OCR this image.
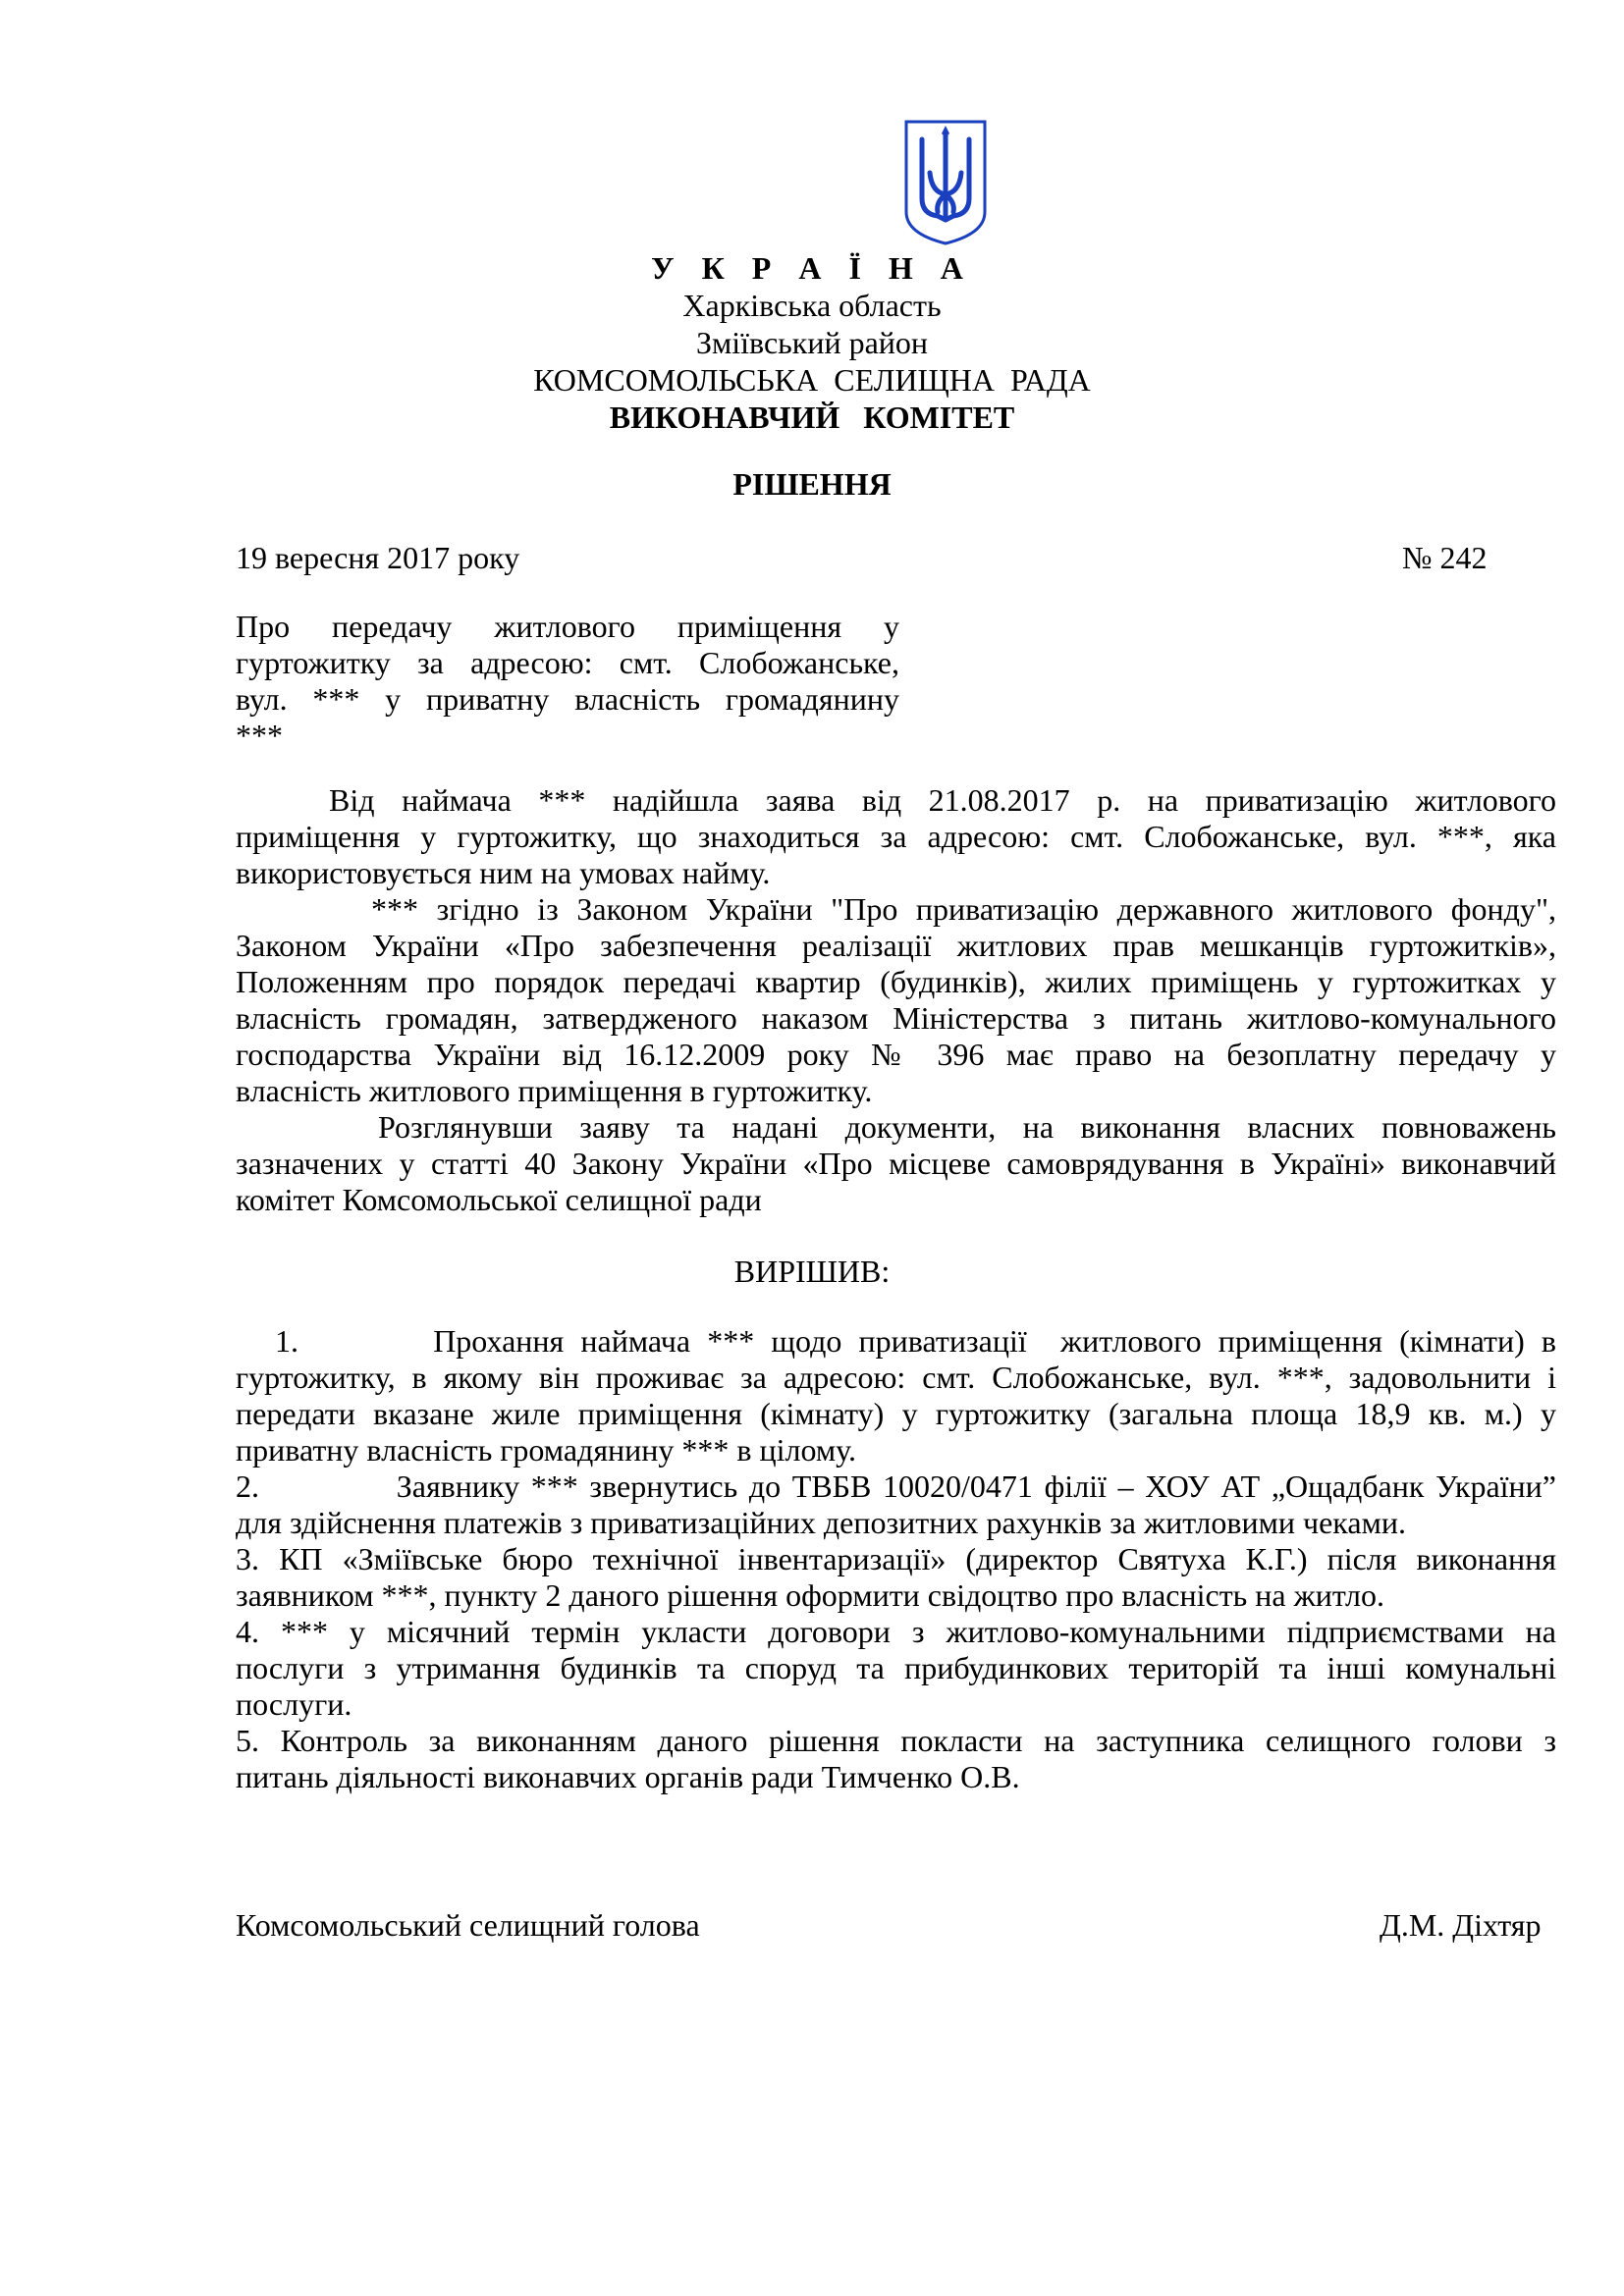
У К Р А Ї Н А
Харківська область
Зміївський район
КОМСОМОЛЬСЬКА  СЕЛИЩНА  РАДА
ВИКОНАВЧИЙ   КОМІТЕТ
РІШЕННЯ
19 вересня 2017 року	№ 242

Про передачу житлового приміщення у

гуртожитку за адресою: смт. Слобожанське,

вул. *** у приватну власність громадянину

***

Від наймача *** надійшла заява від 21.08.2017 р. на приватизацію житлового

приміщення у гуртожитку, що знаходиться за адресою: смт. Слобожанське, вул. ***, яка

використовується ним на умовах найму.

*** згідно із Законом України "Про приватизацію державного житлового фонду",

Законом України «Про забезпечення реалізації житлових прав мешканців гуртожитків»,

Положенням про порядок передачі квартир (будинків), жилих приміщень у гуртожитках у

власність громадян, затвердженого наказом Міністерства з питань житлово-комунального

господарства України від 16.12.2009 року № 396 має право на безоплатну передачу у

власність житлового приміщення в гуртожитку.

Розглянувши заяву та надані документи, на виконання власних повноважень

зазначених у статті 40 Закону України «Про місцеве самоврядування в Україні» виконавчий

комітет Комсомольської селищної ради

ВИРІШИВ:

1.        Прохання наймача *** щодо приватизації  житлового приміщення (кімнати) в

гуртожитку, в якому він проживає за адресою: смт. Слобожанське, вул. ***, задовольнити і

передати вказане жиле приміщення (кімнату) у гуртожитку (загальна площа 18,9 кв. м.) у

приватну власність громадянину *** в цілому.

2.            Заявнику *** звернутись до ТВБВ 10020/0471 філії – ХОУ АТ „Ощадбанк України”

для здійснення платежів з приватизаційних депозитних рахунків за житловими чеками.

3. КП «Зміївське бюро технічної інвентаризації» (директор Святуха К.Г.) після виконання

заявником ***, пункту 2 даного рішення оформити свідоцтво про власність на житло.

4. *** у місячний термін укласти договори з житлово-комунальними підприємствами на

послуги з утримання будинків та споруд та прибудинкових територій та інші комунальні

послуги.

5. Контроль за виконанням даного рішення покласти на заступника селищного голови з

питань діяльності виконавчих органів ради Тимченко О.В.

Комсомольський селищний голова	Д.М. Діхтяр
